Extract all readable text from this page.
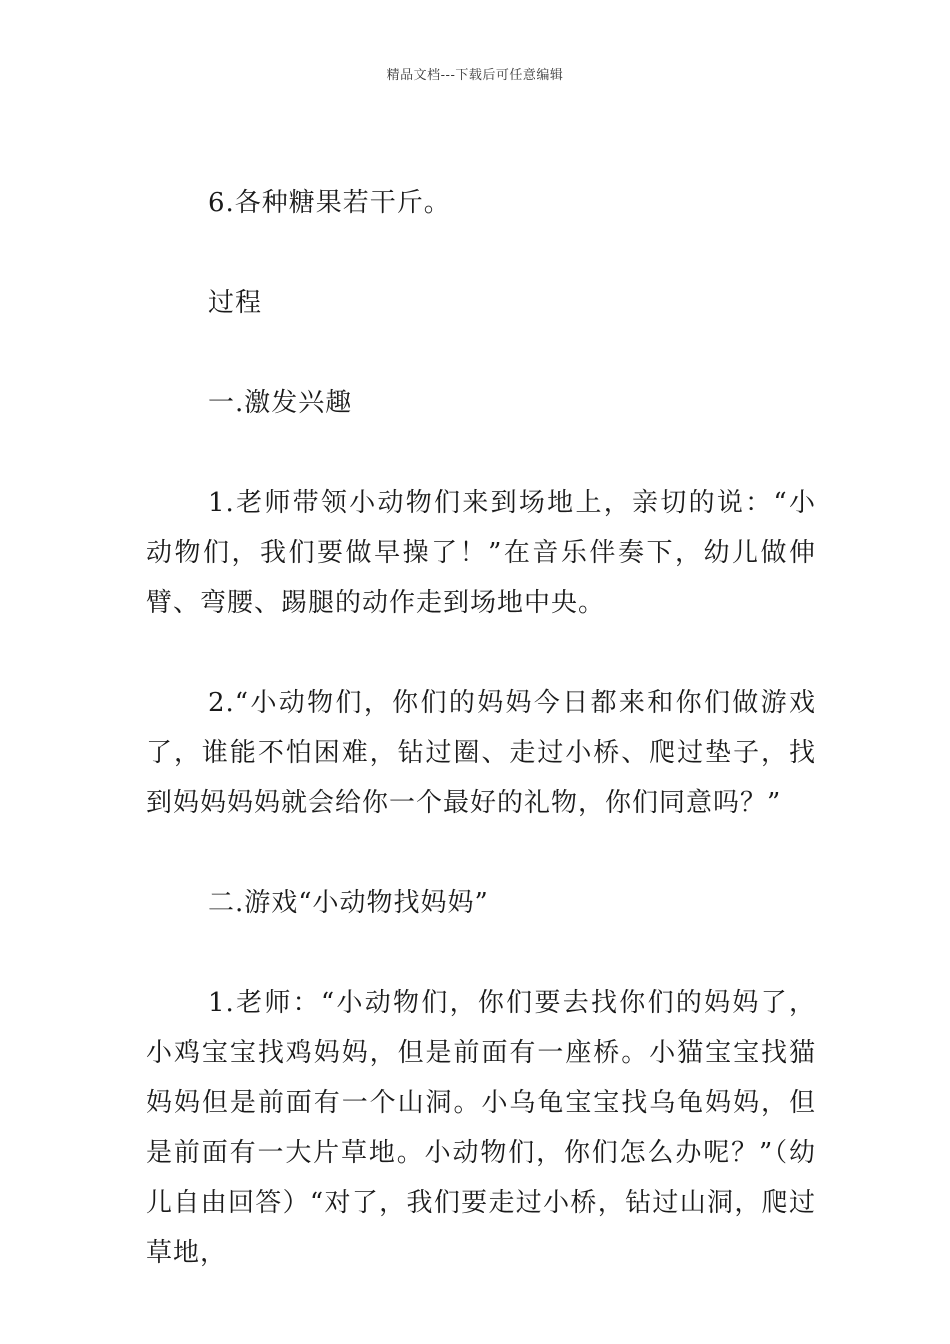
精品文档---下载后可任意编辑

6.各种糖果若干斤。

过程

一.激发兴趣

1.老师带领小动物们来到场地上，亲切的说：“小动物们，我们要做早操了！”在音乐伴奏下，幼儿做伸臂、弯腰、踢腿的动作走到场地中央。

2.“小动物们，你们的妈妈今日都来和你们做游戏了，谁能不怕困难，钻过圈、走过小桥、爬过垫子，找到妈妈妈妈就会给你一个最好的礼物，你们同意吗？”

二.游戏“小动物找妈妈”

1.老师：“小动物们，你们要去找你们的妈妈了，小鸡宝宝找鸡妈妈，但是前面有一座桥。小猫宝宝找猫妈妈但是前面有一个山洞。小乌龟宝宝找乌龟妈妈，但是前面有一大片草地。小动物们，你们怎么办呢？”（幼儿自由回答）“对了，我们要走过小桥，钻过山洞，爬过草地，
